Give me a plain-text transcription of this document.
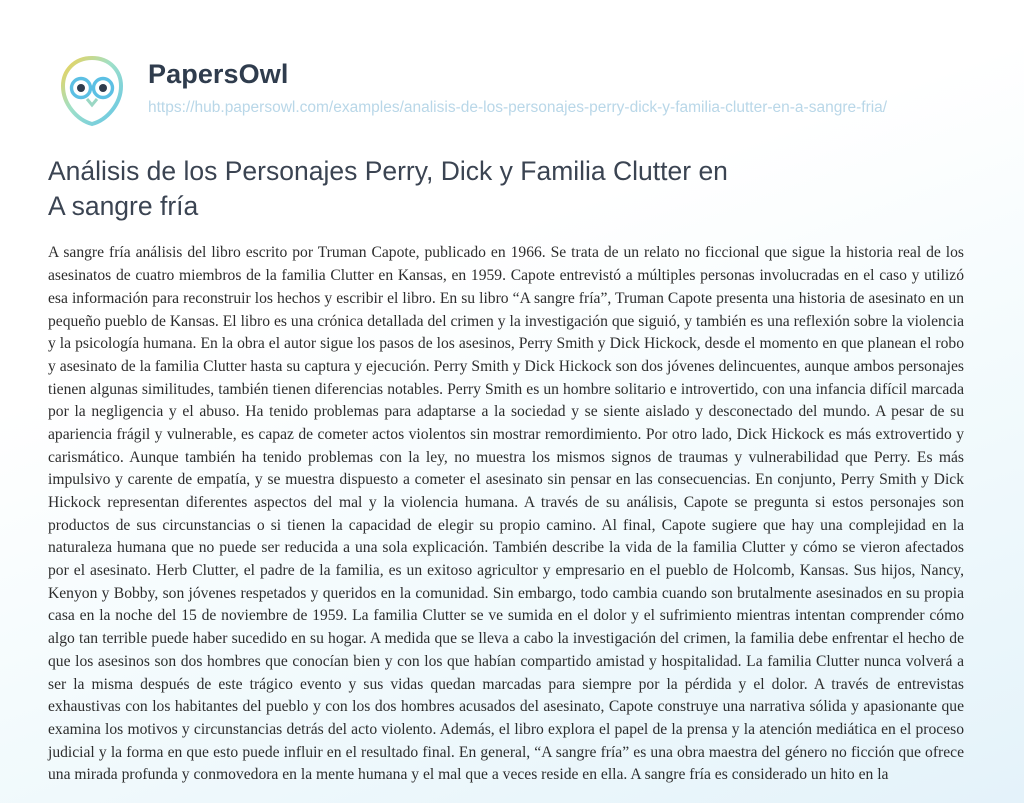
PapersOwl
https://hub.papersowl.com/examples/analisis-de-los-personajes-perry-dick-y-familia-clutter-en-a-sangre-fria/
Análisis de los Personajes Perry, Dick y Familia Clutter en A sangre fría

A sangre fría análisis del libro escrito por Truman Capote, publicado en 1966. Se trata de un relato no ficcional que sigue la historia real de los asesinatos de cuatro miembros de la familia Clutter en Kansas, en 1959. Capote entrevistó a múltiples personas involucradas en el caso y utilizó esa información para reconstruir los hechos y escribir el libro. En su libro “A sangre fría”, Truman Capote presenta una historia de asesinato en un pequeño pueblo de Kansas. El libro es una crónica detallada del crimen y la investigación que siguió, y también es una reflexión sobre la violencia y la psicología humana. En la obra el autor sigue los pasos de los asesinos, Perry Smith y Dick Hickock, desde el momento en que planean el robo y asesinato de la familia Clutter hasta su captura y ejecución. Perry Smith y Dick Hickock son dos jóvenes delincuentes, aunque ambos personajes tienen algunas similitudes, también tienen diferencias notables. Perry Smith es un hombre solitario e introvertido, con una infancia difícil marcada por la negligencia y el abuso. Ha tenido problemas para adaptarse a la sociedad y se siente aislado y desconectado del mundo. A pesar de su apariencia frágil y vulnerable, es capaz de cometer actos violentos sin mostrar remordimiento. Por otro lado, Dick Hickock es más extrovertido y carismático. Aunque también ha tenido problemas con la ley, no muestra los mismos signos de traumas y vulnerabilidad que Perry. Es más impulsivo y carente de empatía, y se muestra dispuesto a cometer el asesinato sin pensar en las consecuencias. En conjunto, Perry Smith y Dick Hickock representan diferentes aspectos del mal y la violencia humana. A través de su análisis, Capote se pregunta si estos personajes son productos de sus circunstancias o si tienen la capacidad de elegir su propio camino. Al final, Capote sugiere que hay una complejidad en la naturaleza humana que no puede ser reducida a una sola explicación. También describe la vida de la familia Clutter y cómo se vieron afectados por el asesinato. Herb Clutter, el padre de la familia, es un exitoso agricultor y empresario en el pueblo de Holcomb, Kansas. Sus hijos, Nancy, Kenyon y Bobby, son jóvenes respetados y queridos en la comunidad. Sin embargo, todo cambia cuando son brutalmente asesinados en su propia casa en la noche del 15 de noviembre de 1959. La familia Clutter se ve sumida en el dolor y el sufrimiento mientras intentan comprender cómo algo tan terrible puede haber sucedido en su hogar. A medida que se lleva a cabo la investigación del crimen, la familia debe enfrentar el hecho de que los asesinos son dos hombres que conocían bien y con los que habían compartido amistad y hospitalidad. La familia Clutter nunca volverá a ser la misma después de este trágico evento y sus vidas quedan marcadas para siempre por la pérdida y el dolor. A través de entrevistas exhaustivas con los habitantes del pueblo y con los dos hombres acusados del asesinato, Capote construye una narrativa sólida y apasionante que examina los motivos y circunstancias detrás del acto violento. Además, el libro explora el papel de la prensa y la atención mediática en el proceso judicial y la forma en que esto puede influir en el resultado final. En general, “A sangre fría” es una obra maestra del género no ficción que ofrece una mirada profunda y conmovedora en la mente humana y el mal que a veces reside en ella. A sangre fría es considerado un hito en la
